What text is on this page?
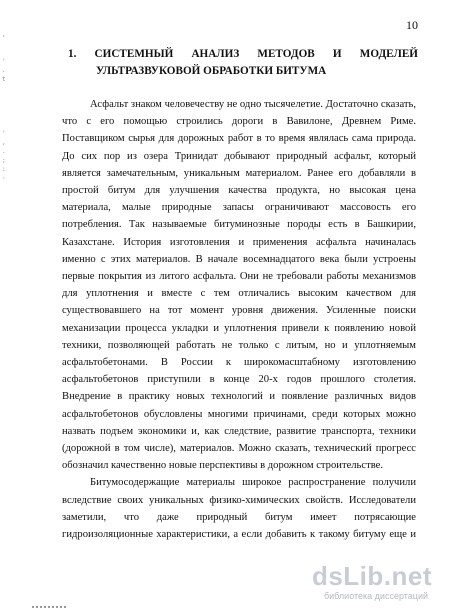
,

'
.
t

'
,
.
;
:
·
10
1. СИСТЕМНЫЙ АНАЛИЗ МЕТОДОВ И МОДЕЛЕЙ
УЛЬТРАЗВУКОВОЙ ОБРАБОТКИ БИТУМА

Асфальт знаком человечеству не одно тысячелетие. Достаточно сказать,

что с его помощью строились дороги в Вавилоне, Древнем Риме.

Поставщиком сырья для дорожных работ в то время являлась сама природа.

До сих пор из озера Тринидат добывают природный асфальт, который

является замечательным, уникальным материалом. Ранее его добавляли в

простой битум для улучшения качества продукта, но высокая цена

материала, малые природные запасы ограничивают массовость его

потребления. Так называемые битуминозные породы есть в Башкирии,

Казахстане. История изготовления и применения асфальта начиналась

именно с этих материалов. В начале восемнадцатого века были устроены

первые покрытия из литого асфальта. Они не требовали работы механизмов

для уплотнения и вместе с тем отличались высоким качеством для

существовавшего на тот момент уровня движения. Усиленные поиски

механизации процесса укладки и уплотнения привели к появлению новой

техники, позволяющей работать не только с литым, но и уплотняемым

асфальтобетонами. В России к широкомасштабному изготовлению

асфальтобетонов приступили в конце 20-х годов прошлого столетия.

Внедрение в практику новых технологий и появление различных видов

асфальтобетонов обусловлены многими причинами, среди которых можно

назвать подъем экономики и, как следствие, развитие транспорта, техники

(дорожной в том числе), материалов. Можно сказать, технический прогресс

обозначил качественно новые перспективы в дорожном строительстве.

Битумосодержащие материалы широкое распространение получили

вследствие своих уникальных физико-химических свойств. Исследователи

заметили, что даже природный битум имеет потрясающие

гидроизоляционные характеристики, а если добавить к такому битуму еще и

dsLib.net
библиотека диссертаций
